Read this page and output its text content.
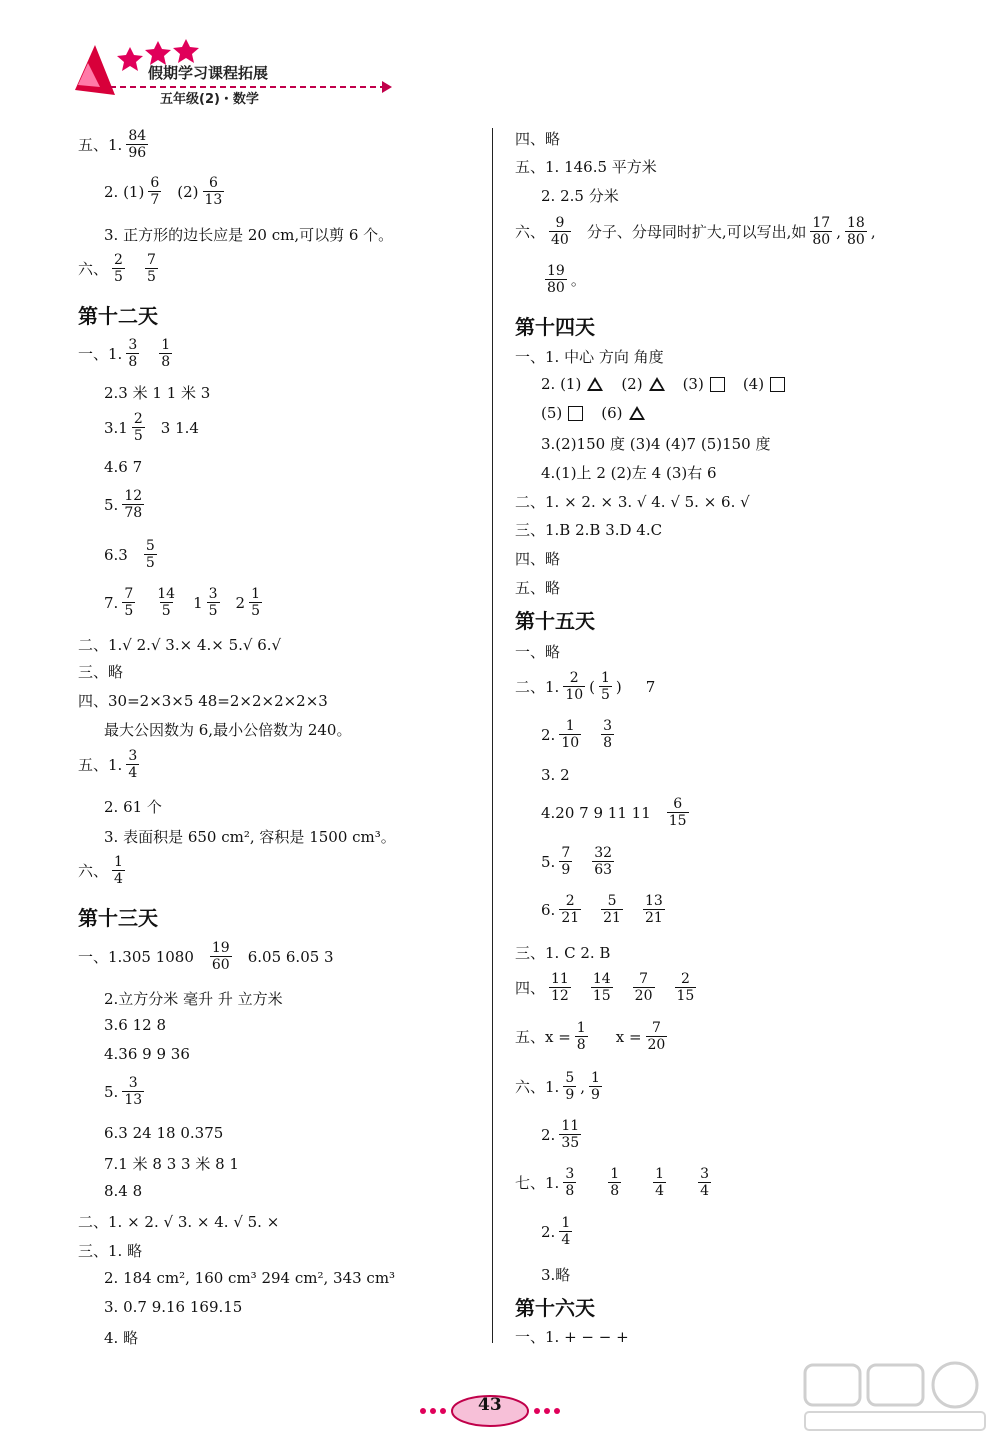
假期学习课程拓展
五年级(2)・数学
五、1. $\frac{84}{96}$
2. $(1) \frac{6}{7} (2) \frac{6}{13}$
3. 正方形的边长应是 20 cm,可以剪 6 个。
六、 $\frac{2}{5} \frac{7}{5}$
第十二天
一、1. $\frac{3}{8} \frac{1}{8}$
2.3 米 1 1 米 3
$3.1 \frac{2}{5} 3$ 1.4
4.6 7
5. $\frac{12}{78}$
$6.3 \frac{5}{5}$
7. $\frac{7}{5} \frac{14}{5} 1 \frac{3}{5} 2 \frac{1}{5}$
二、1.√ 2.√ 3.× 4.× 5.√ 6.√
三、略
四、30=2×3×5 48=2×2×2×2×3
最大公因数为 6,最小公倍数为 240。
五、1. $\frac{3}{4}$
2. 61 个
3. 表面积是 650 cm², 容积是 1500 cm³。
六、 $\frac{1}{4}$
第十三天
一、1.305 $1080 \frac{19}{60} 6.05$ 6.05 3
2.立方分米 毫升 升 立方米
3.6 12 8
4.36 9 9 36
5. $\frac{3}{13}$
6.3 24 18 0.375
7.1 米 8 3 3 米 8 1
8.4 8
二、1. × 2. √ 3. × 4. √ 5. ×
三、1. 略
2. 184 cm², 160 cm³ 294 cm², 343 cm³
3. 0.7 9.16 169.15
4. 略
四、略
五、1. 146.5 平方米
2. 2.5 分米
六、 $\frac{9}{40}$ 分子、分母同时扩大,可以写出,如 $\frac{17}{80}$ , $\frac{18}{80}$ ,
$\frac{19}{80}$ 。
第十四天
一、1. 中心 方向 角度
2. (1)	(2)	(3)	(4)
(5)	(6)
3.(2)150 度 (3)4 (4)7 (5)150 度
4.(1)上 2 (2)左 4 (3)右 6
二、1. × 2. × 3. √ 4. √ 5. × 6. √
三、1.B 2.B 3.D 4.C
四、略
五、略
第十五天
一、略
二、1. $\frac{2}{10}$ ( $\frac{1}{5}$ ) 7
2. $\frac{1}{10} \frac{3}{8}$
3. 2
4.20 7 9 11 $11 \frac{6}{15}$
5. $\frac{7}{9} \frac{32}{63}$
6. $\frac{2}{21} \frac{5}{21} \frac{13}{21}$
三、1. C 2. B
四、 $\frac{11}{12} \frac{14}{15} \frac{7}{20} \frac{2}{15}$
五、$x = \frac{1}{8}$ $x = \frac{7}{20}$
六、1. $\frac{5}{9}$ , $\frac{1}{9}$
2. $\frac{11}{35}$
七、1. $\frac{3}{8} \frac{1}{8} \frac{1}{4} \frac{3}{4}$
2. $\frac{1}{4}$
3.略
第十六天
一、1. + − − +
43
